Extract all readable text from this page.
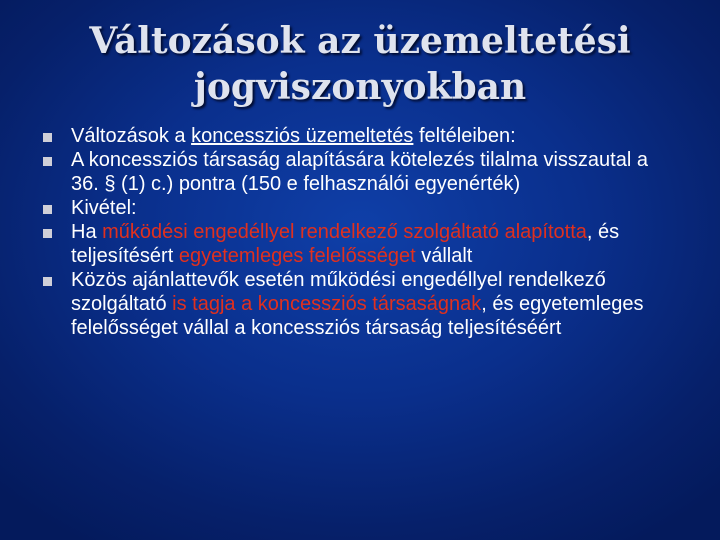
Változások az üzemeltetési
jogviszonyokban
Változások a koncessziós üzemeltetés feltéleiben:
A koncessziós társaság alapítására kötelezés tilalma visszautal a 36. § (1) c.) pontra (150 e felhasználói egyenérték)
Kivétel:
Ha működési engedéllyel rendelkező szolgáltató alapította, és teljesítésért egyetemleges felelősséget vállalt
Közös ajánlattevők esetén működési engedéllyel rendelkező szolgáltató is tagja a koncessziós társaságnak, és egyetemleges felelősséget vállal a koncessziós társaság teljesítéséért
